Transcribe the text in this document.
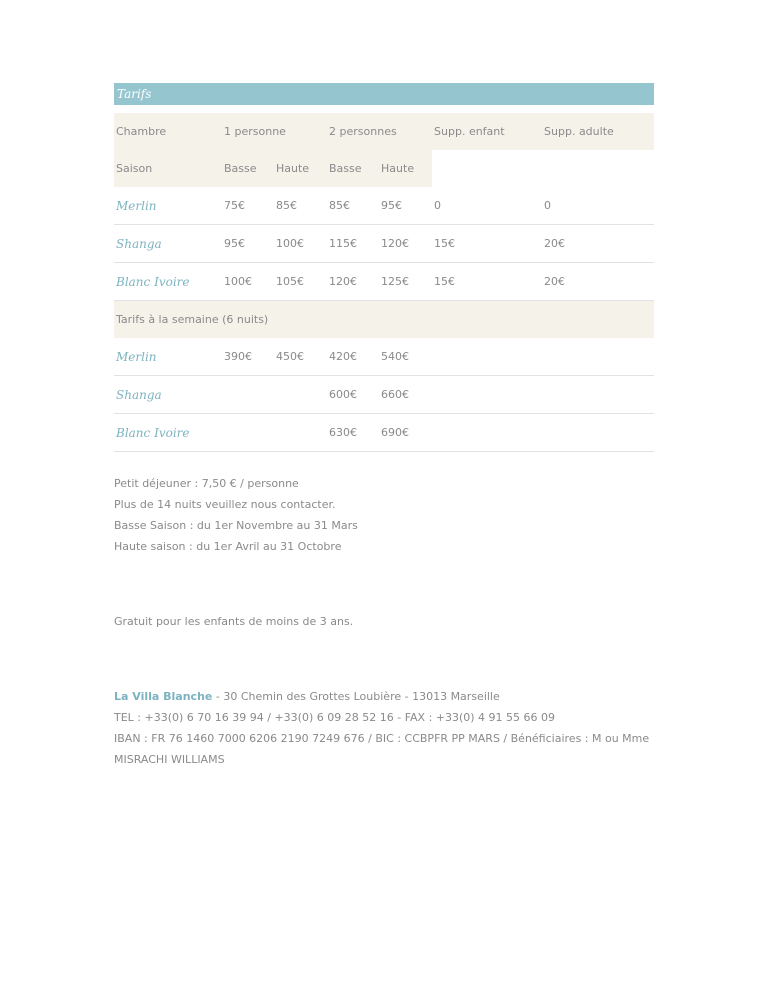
Tarifs
Chambre	1 personne		2 personnes		Supp. enfant	Supp. adulte
Saison	Basse	Haute	Basse	Haute		
Merlin	75€	85€	85€	95€	0	0
Shanga	95€	100€	115€	120€	15€	20€
Blanc Ivoire	100€	105€	120€	125€	15€	20€
Tarifs à la semaine (6 nuits)						
Merlin	390€	450€	420€	540€		
Shanga			600€	660€		
Blanc Ivoire			630€	690€		

Petit déjeuner : 7,50 € / personne

Plus de 14 nuits veuillez nous contacter.

Basse Saison : du 1er Novembre au 31 Mars

Haute saison : du 1er Avril au 31 Octobre

Gratuit pour les enfants de moins de 3 ans.

La Villa Blanche - 30 Chemin des Grottes Loubière - 13013 Marseille

TEL : +33(0) 6 70 16 39 94 / +33(0) 6 09 28 52 16 - FAX : +33(0) 4 91 55 66 09

IBAN : FR 76 1460 7000 6206 2190 7249 676 / BIC : CCBPFR PP MARS / Bénéficiaires : M ou Mme

MISRACHI WILLIAMS
